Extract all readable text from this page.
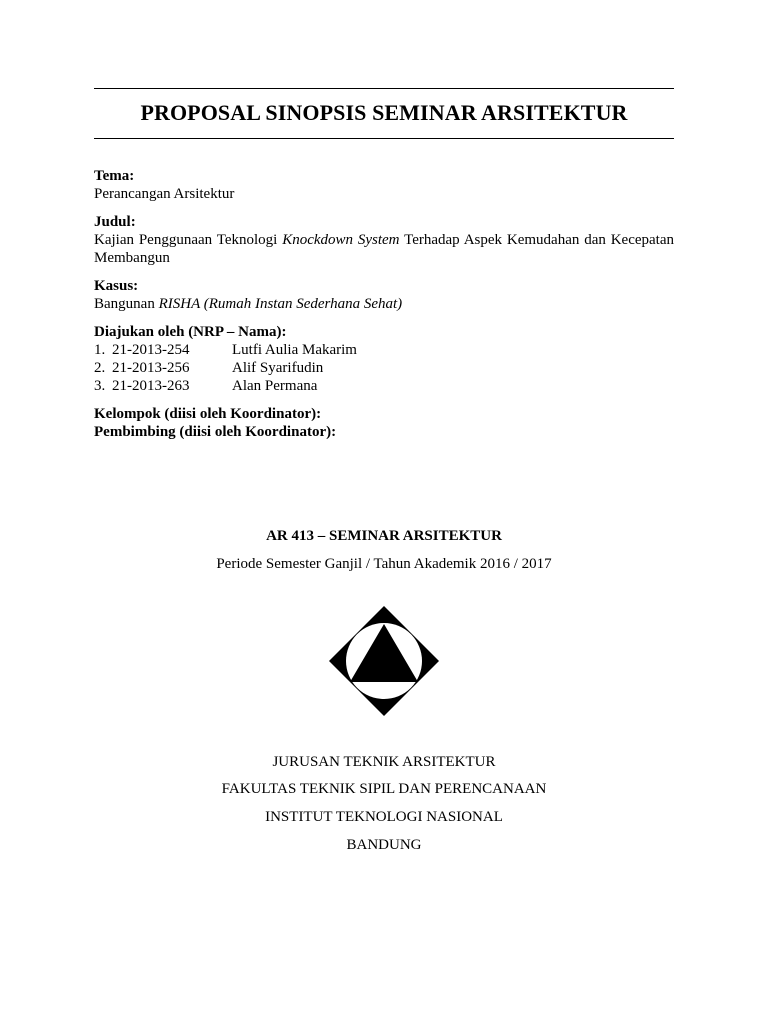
PROPOSAL SINOPSIS SEMINAR ARSITEKTUR
Tema:
Perancangan Arsitektur
Judul:
Kajian Penggunaan Teknologi Knockdown System Terhadap Aspek Kemudahan dan Kecepatan Membangun
Kasus:
Bangunan RISHA (Rumah Instan Sederhana Sehat)
Diajukan oleh (NRP – Nama):
1. 21-2013-254	Lutfi Aulia Makarim
2. 21-2013-256	Alif Syarifudin
3. 21-2013-263	Alan Permana
Kelompok (diisi oleh Koordinator):
Pembimbing (diisi oleh Koordinator):
AR 413 – SEMINAR ARSITEKTUR
Periode Semester Ganjil / Tahun Akademik 2016 / 2017
JURUSAN TEKNIK ARSITEKTUR
FAKULTAS TEKNIK SIPIL DAN PERENCANAAN
INSTITUT TEKNOLOGI NASIONAL
BANDUNG
